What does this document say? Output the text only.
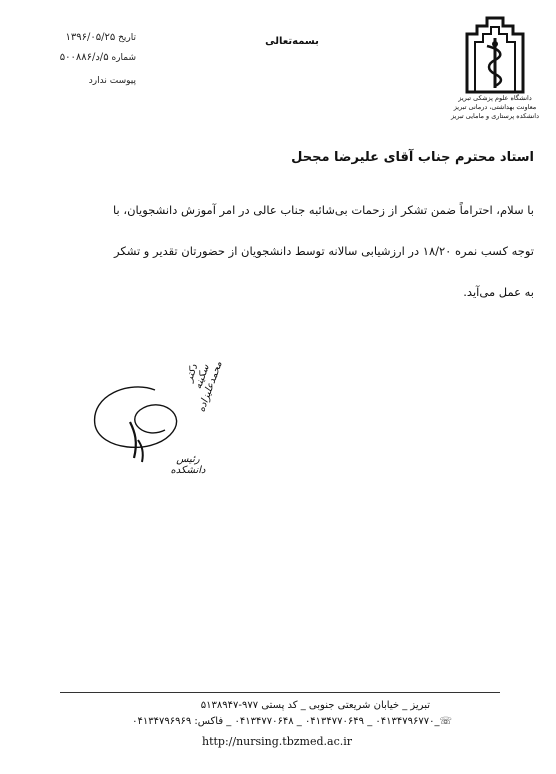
تاریخ ۱۳۹۶/۰۵/۲۵
شماره ۵/د/۵۰۰۸۸۶
پیوست ندارد
بسمه‌تعالی
دانشگاه علوم پزشکی تبریز
معاونت بهداشتی، درمانی تبریز
دانشکده پرستاری و مامایی تبریز
استاد محترم جناب آقای علیرضا مجحل
با سلام، احتراماً ضمن تشکر از زحمات بی‌شائبه جناب عالی در امر آموزش دانشجویان، با
توجه کسب نمره ۱۸/۲۰ در ارزشیابی سالانه توسط دانشجویان از حضورتان تقدیر و تشکر
به عمل می‌آید.
دکتر سکینه محمدعلیزاده
رئیس دانشکده
تبریز _ خیابان شریعتی جنوبی _ کد پستی ۹۷۷-۵۱۳۸۹۴۷
☏_۰۴۱۳۴۷۹۶۷۷۰ _ ۰۴۱۳۴۷۷۰۶۴۹ _ ۰۴۱۳۴۷۷۰۶۴۸ _ فاکس: ۰۴۱۳۴۷۹۶۹۶۹
http://nursing.tbzmed.ac.ir
